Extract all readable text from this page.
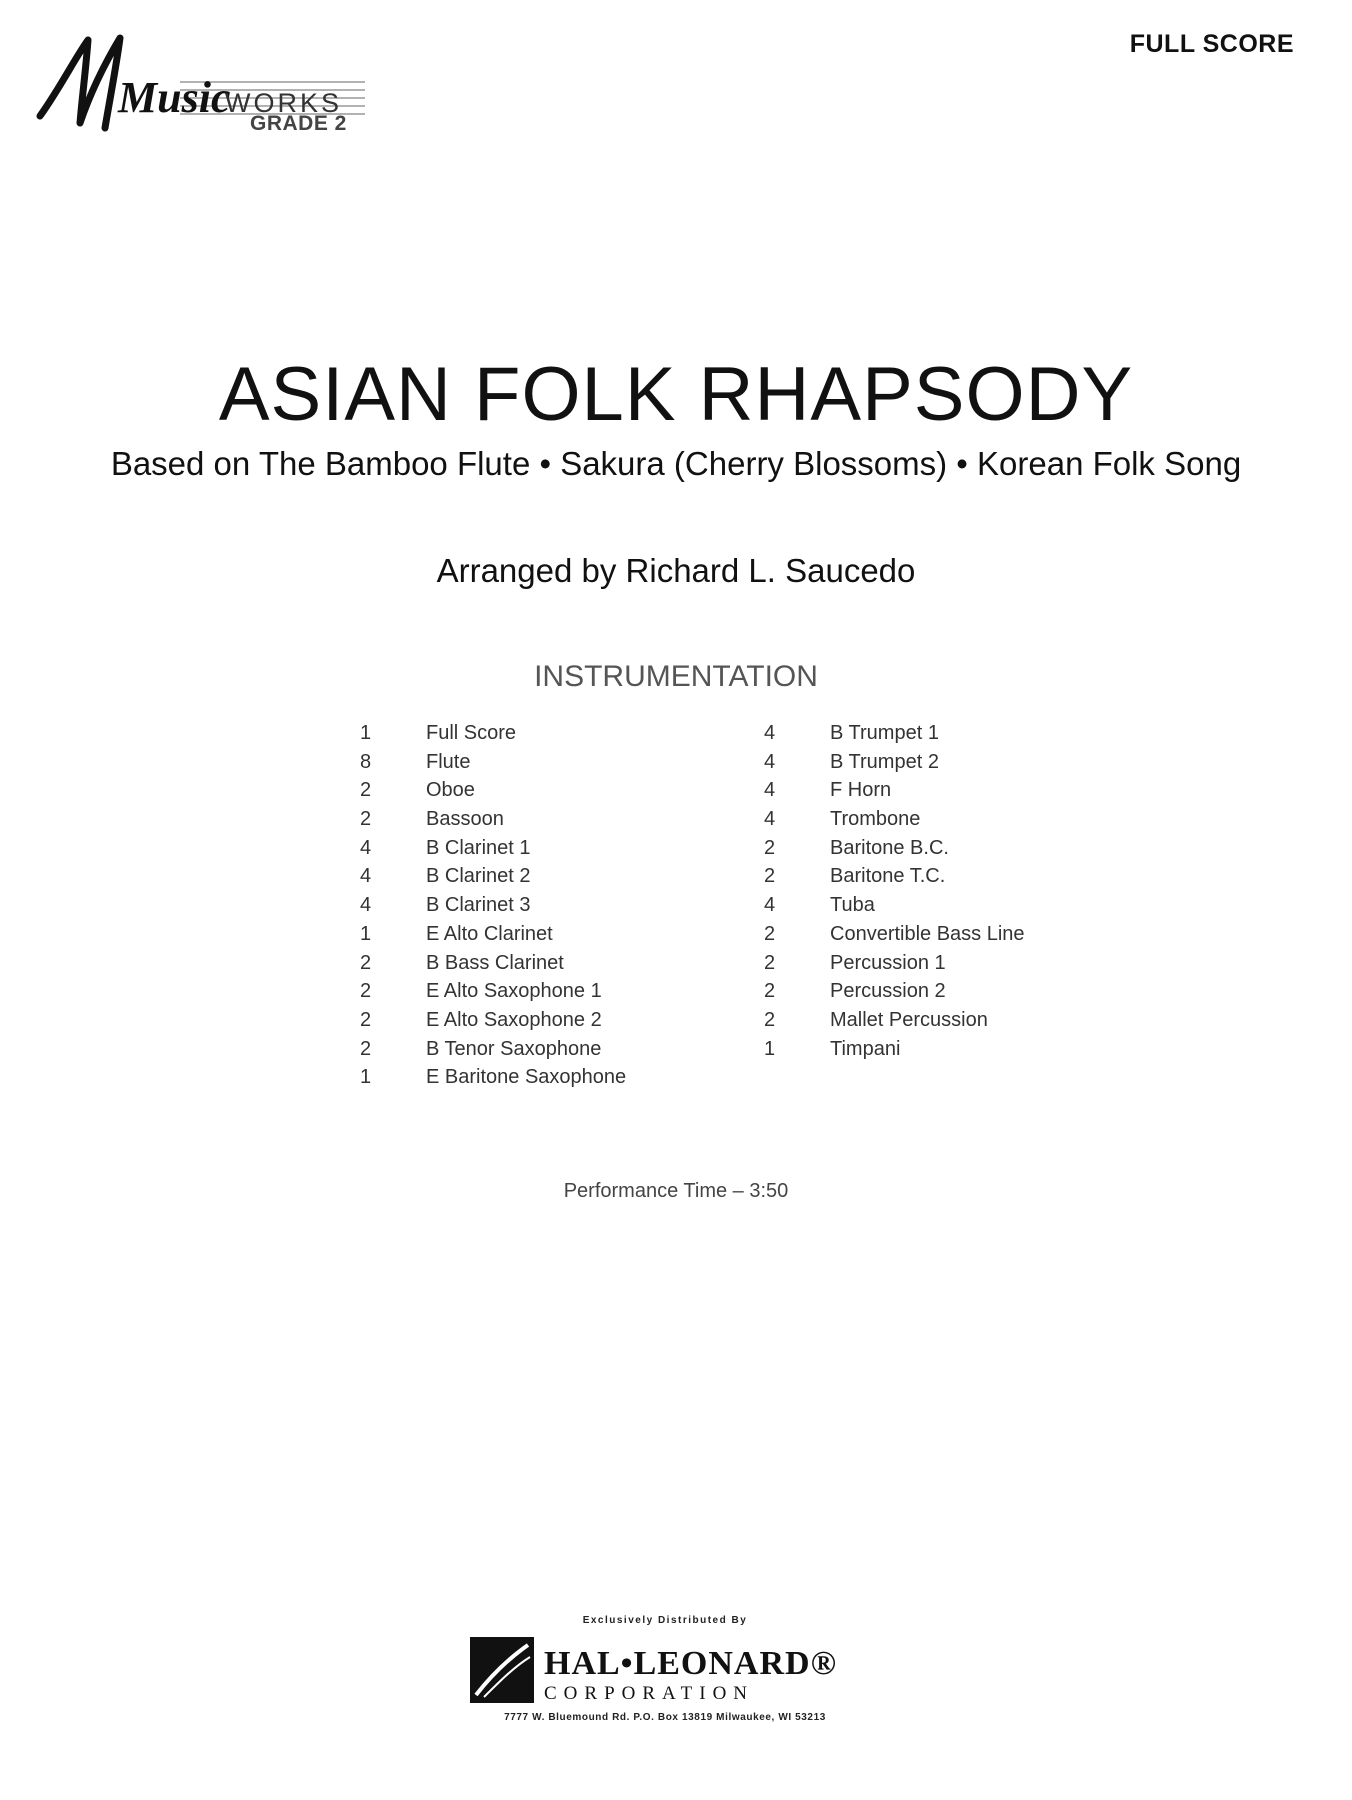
Music
WORKS
GRADE 2
FULL SCORE
ASIAN FOLK RHAPSODY
Based on The Bamboo Flute • Sakura (Cherry Blossoms) • Korean Folk Song
Arranged by Richard L. Saucedo
INSTRUMENTATION
1	Full Score
8	Flute
2	Oboe
2	Bassoon
4	B Clarinet 1
4	B Clarinet 2
4	B Clarinet 3
1	E Alto Clarinet
2	B Bass Clarinet
2	E Alto Saxophone 1
2	E Alto Saxophone 2
2	B Tenor Saxophone
1	E Baritone Saxophone
4	B Trumpet 1
4	B Trumpet 2
4	F Horn
4	Trombone
2	Baritone B.C.
2	Baritone T.C.
4	Tuba
2	Convertible Bass Line
2	Percussion 1
2	Percussion 2
2	Mallet Percussion
1	Timpani
Performance Time – 3:50
Exclusively Distributed By
HAL•LEONARD®
CORPORATION
7777 W. Bluemound Rd. P.O. Box 13819 Milwaukee, WI 53213
